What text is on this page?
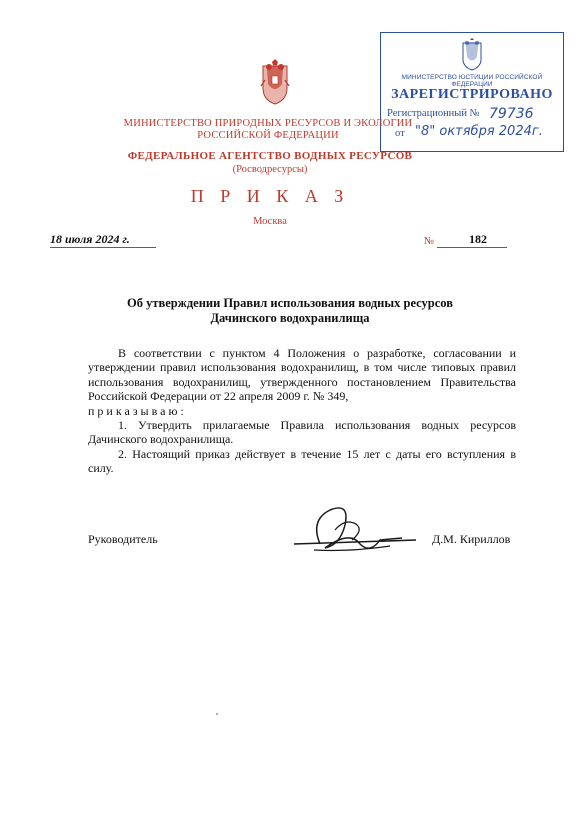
МИНИСТЕРСТВО ЮСТИЦИИ РОССИЙСКОЙ ФЕДЕРАЦИИ
ЗАРЕГИСТРИРОВАНО
Регистрационный № 79736
от "8" октября 2024г.
МИНИСТЕРСТВО ПРИРОДНЫХ РЕСУРСОВ И ЭКОЛОГИИ РОССИЙСКОЙ ФЕДЕРАЦИИ
ФЕДЕРАЛЬНОЕ АГЕНТСТВО ВОДНЫХ РЕСУРСОВ
(Росводресурсы)
П Р И К А З
Москва
18 июля 2024 г.	№	182
Об утверждении Правил использования водных ресурсов
Дачинского водохранилища

В соответствии с пунктом 4 Положения о разработке, согласовании и утверждении правил использования водохранилищ, в том числе типовых правил использования водохранилищ, утвержденного постановлением Правительства Российской Федерации от 22 апреля 2009 г. № 349,

приказываю:

1. Утвердить прилагаемые Правила использования водных ресурсов Дачинского водохранилища.

2. Настоящий приказ действует в течение 15 лет с даты его вступления в силу.

Руководитель	Д.М. Кириллов
